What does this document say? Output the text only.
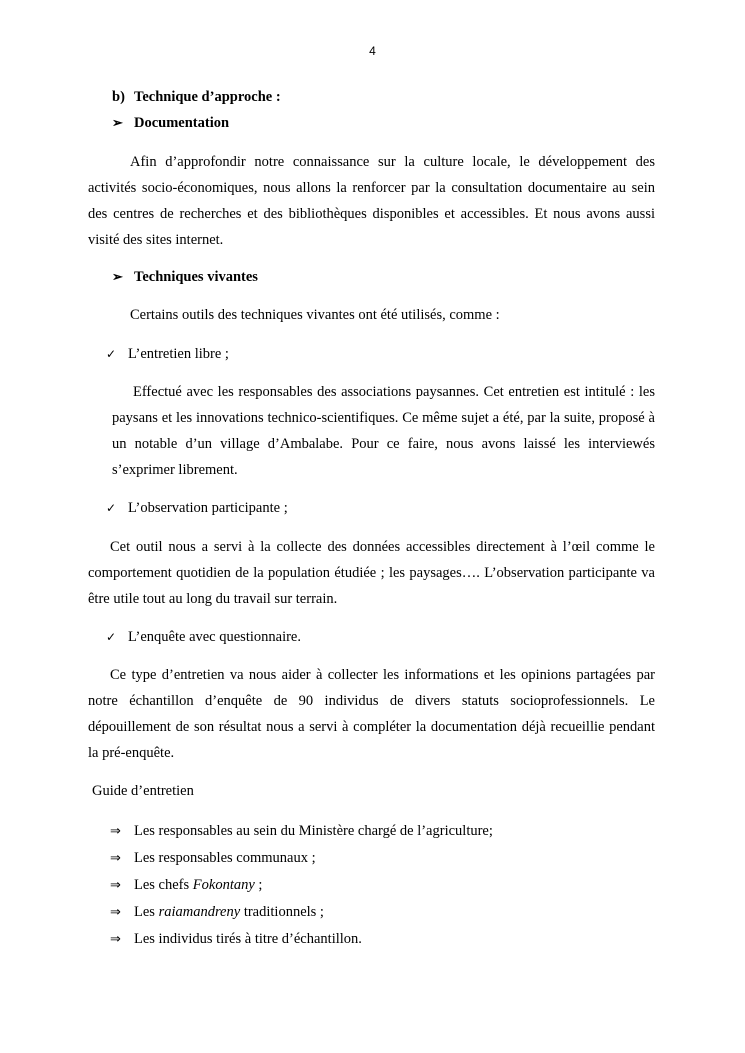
4
b) Technique d’approche :
➢ Documentation

Afin d’approfondir notre connaissance sur la culture locale, le développement des activités socio-économiques, nous allons la renforcer par la consultation documentaire au sein des centres de recherches et des bibliothèques disponibles et accessibles. Et nous avons aussi visité des sites internet.

➢ Techniques vivantes
Certains outils des techniques vivantes ont été utilisés, comme :
✓ L’entretien libre ;

Effectué avec les responsables des associations paysannes. Cet entretien est intitulé : les paysans et les innovations technico-scientifiques. Ce même sujet a été, par la suite, proposé à un notable d’un village d’Ambalabe. Pour ce faire, nous avons laissé les interviewés s’exprimer librement.

✓ L’observation participante ;

Cet outil nous a servi à la collecte des données accessibles directement à l’œil comme le comportement quotidien de la population étudiée ; les paysages…. L’observation participante va être utile tout au long du travail sur terrain.

✓ L’enquête avec questionnaire.

Ce type d’entretien va nous aider à collecter les informations et les opinions partagées par notre échantillon d’enquête de 90 individus de divers statuts socioprofessionnels. Le dépouillement de son résultat nous a servi à compléter la documentation déjà recueillie pendant la pré-enquête.

Guide d’entretien
⇒ Les responsables au sein du Ministère chargé de l’agriculture;
⇒ Les responsables communaux ;
⇒ Les chefs Fokontany ;
⇒ Les raiamandreny traditionnels ;
⇒ Les individus tirés à titre d’échantillon.
